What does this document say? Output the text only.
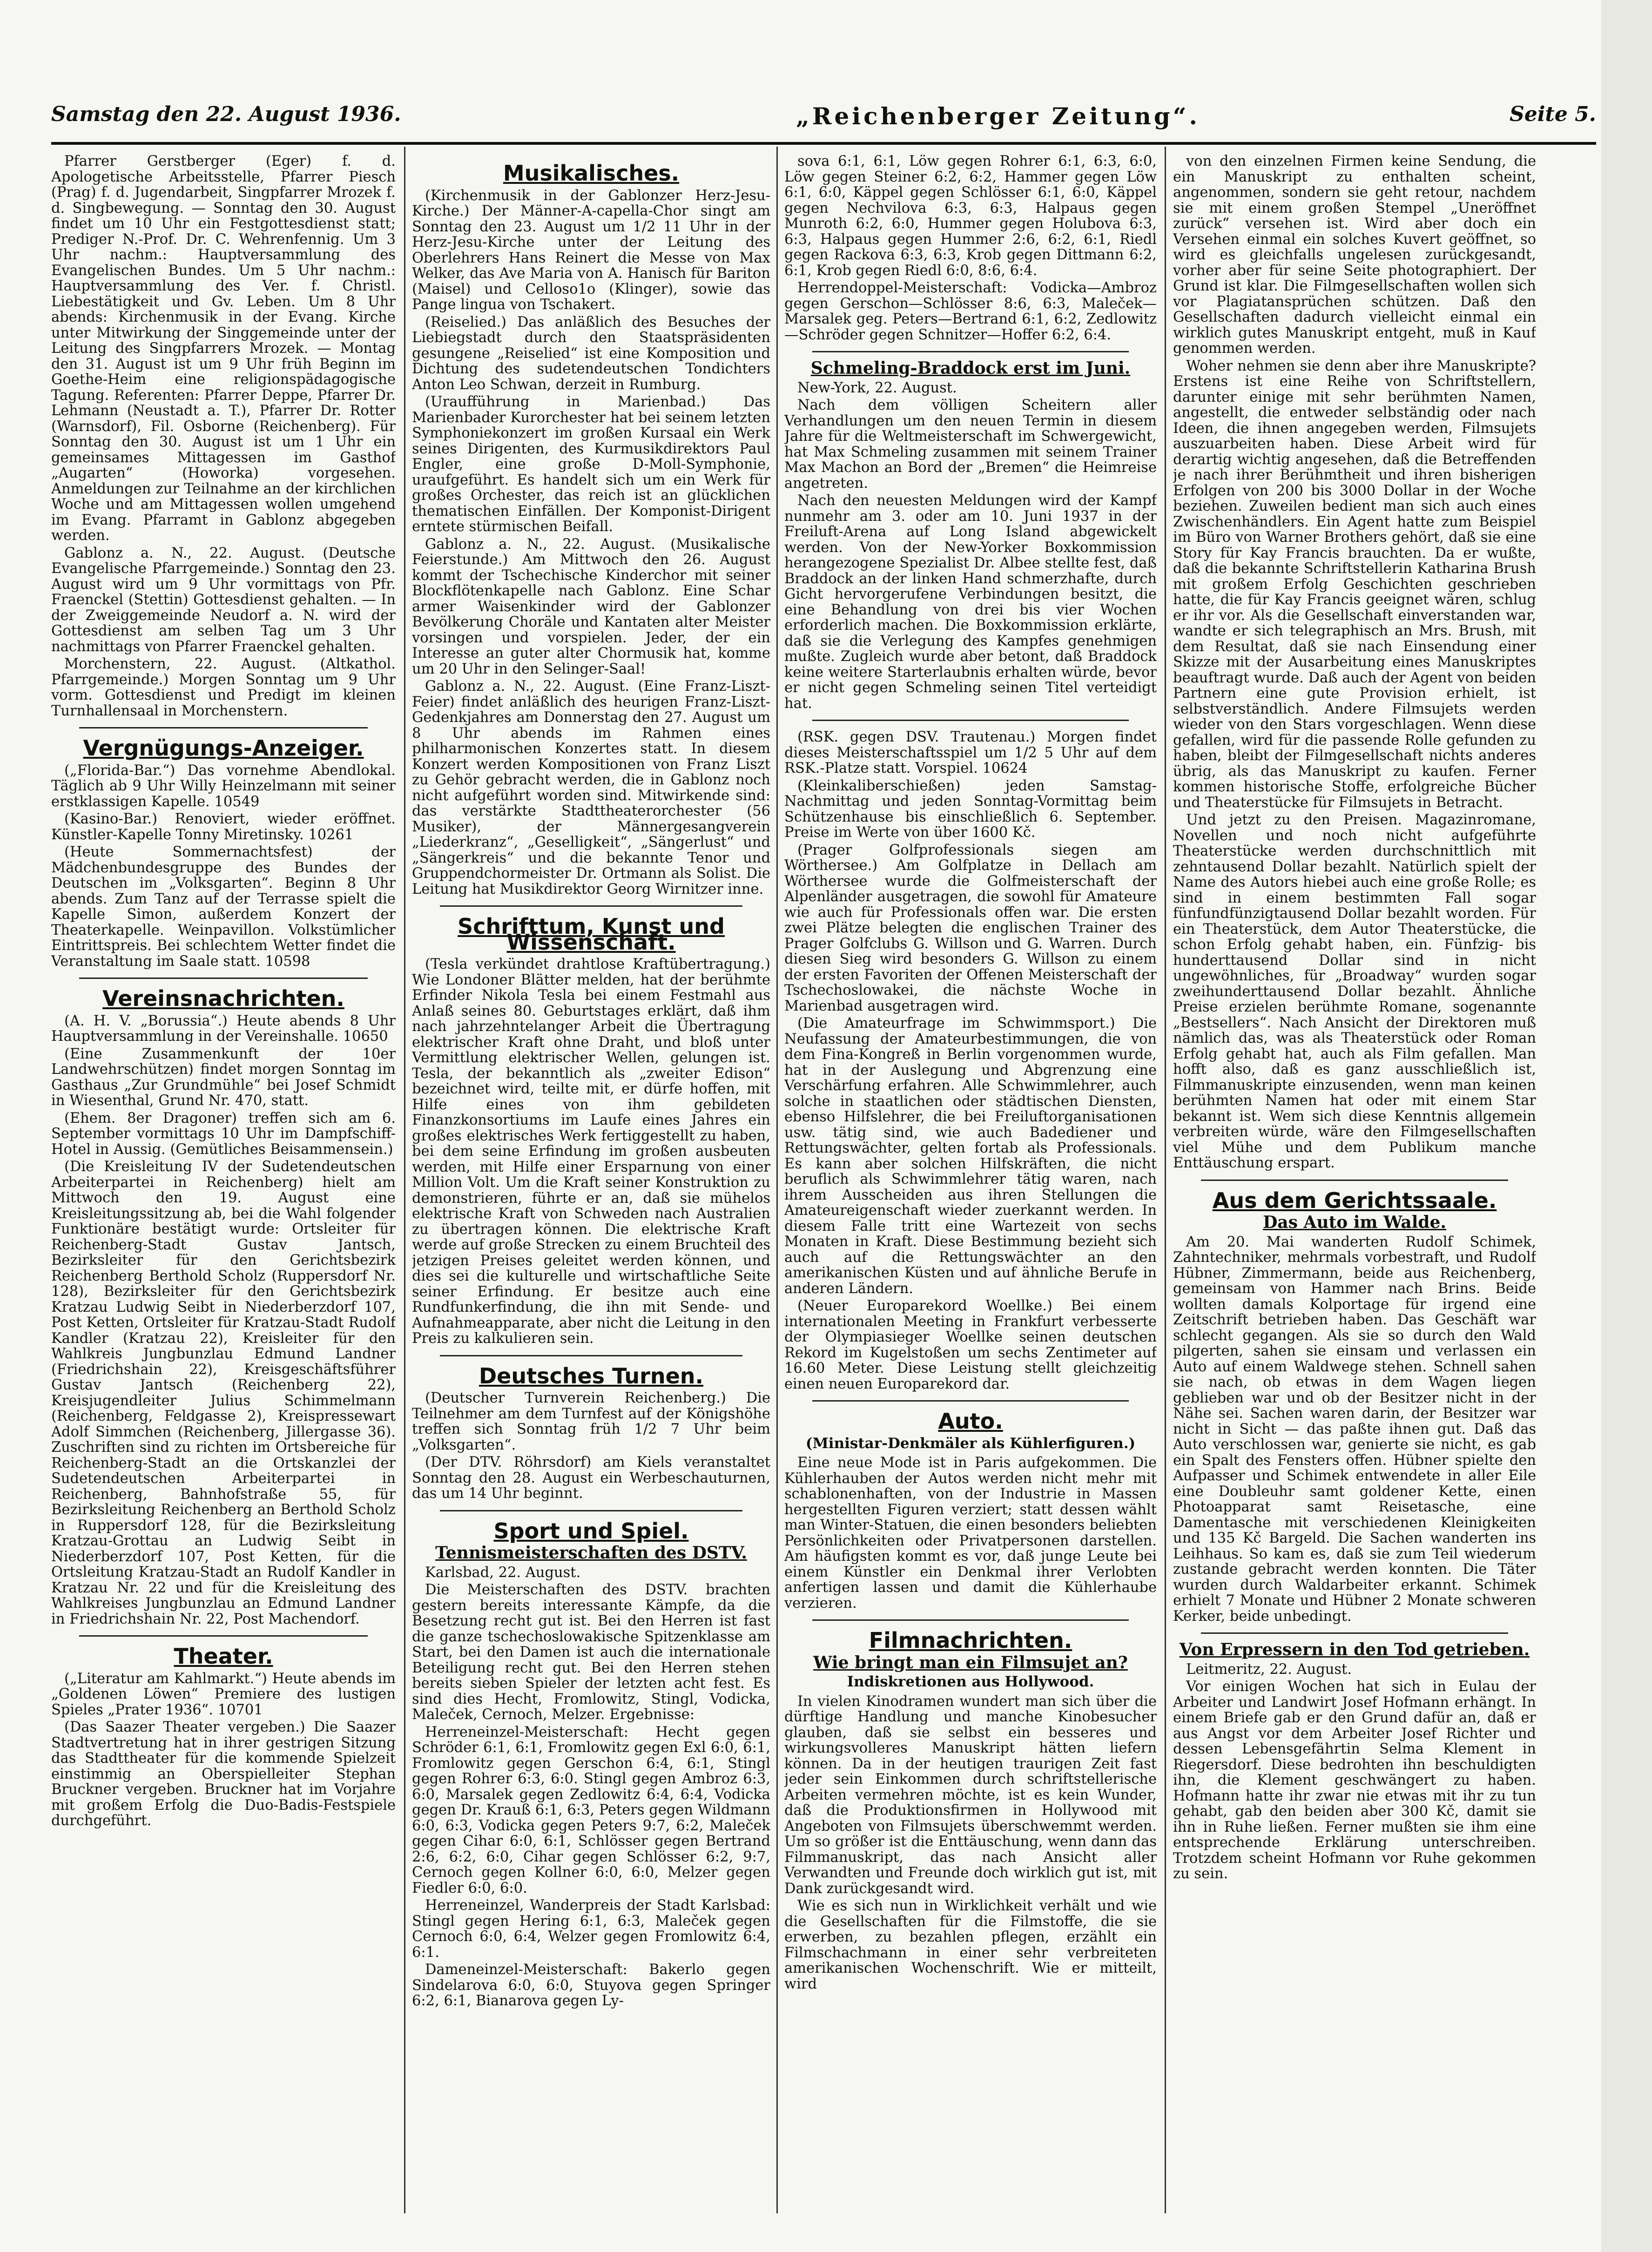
Samstag den 22. August 1936.	„Reichenberger Zeitung“.	Seite 5.

Pfarrer Gerstberger (Eger) f. d. Apologetische Arbeitsstelle, Pfarrer Piesch (Prag) f. d. Jugendarbeit, Singpfarrer Mrozek f. d. Singbewegung. — Sonntag den 30. August findet um 10 Uhr ein Festgottesdienst statt; Prediger N.-Prof. Dr. C. Wehrenfennig. Um 3 Uhr nachm.: Hauptversammlung des Evangelischen Bundes. Um 5 Uhr nachm.: Hauptversammlung des Ver. f. Christl. Liebestätigkeit und Gv. Leben. Um 8 Uhr abends: Kirchenmusik in der Evang. Kirche unter Mitwirkung der Singgemeinde unter der Leitung des Singpfarrers Mrozek. — Montag den 31. August ist um 9 Uhr früh Beginn im Goethe-Heim eine religionspädagogische Tagung. Referenten: Pfarrer Deppe, Pfarrer Dr. Lehmann (Neustadt a. T.), Pfarrer Dr. Rotter (Warnsdorf), Fil. Osborne (Reichenberg). Für Sonntag den 30. August ist um 1 Uhr ein gemeinsames Mittagessen im Gasthof „Augarten“ (Howorka) vorgesehen. Anmeldungen zur Teilnahme an der kirchlichen Woche und am Mittagessen wollen umgehend im Evang. Pfarramt in Gablonz abgegeben werden.

Gablonz a. N., 22. August. (Deutsche Evangelische Pfarrgemeinde.) Sonntag den 23. August wird um 9 Uhr vormittags von Pfr. Fraenckel (Stettin) Gottesdienst gehalten. — In der Zweiggemeinde Neudorf a. N. wird der Gottesdienst am selben Tag um 3 Uhr nachmittags von Pfarrer Fraenckel gehalten.

Morchenstern, 22. August. (Altkathol. Pfarrgemeinde.) Morgen Sonntag um 9 Uhr vorm. Gottesdienst und Predigt im kleinen Turnhallensaal in Morchenstern.

Vergnügungs-Anzeiger.

(„Florida-Bar.“) Das vornehme Abendlokal. Täglich ab 9 Uhr Willy Heinzelmann mit seiner erstklassigen Kapelle. 10549

(Kasino-Bar.) Renoviert, wieder eröffnet. Künstler-Kapelle Tonny Miretinsky. 10261

(Heute Sommernachtsfest) der Mädchenbundesgruppe des Bundes der Deutschen im „Volksgarten“. Beginn 8 Uhr abends. Zum Tanz auf der Terrasse spielt die Kapelle Simon, außerdem Konzert der Theaterkapelle. Weinpavillon. Volkstümlicher Eintrittspreis. Bei schlechtem Wetter findet die Veranstaltung im Saale statt. 10598

Vereinsnachrichten.

(A. H. V. „Borussia“.) Heute abends 8 Uhr Hauptversammlung in der Vereinshalle. 10650

(Eine Zusammenkunft der 10er Landwehrschützen) findet morgen Sonntag im Gasthaus „Zur Grundmühle“ bei Josef Schmidt in Wiesenthal, Grund Nr. 470, statt.

(Ehem. 8er Dragoner) treffen sich am 6. September vormittags 10 Uhr im Dampfschiff-Hotel in Aussig. (Gemütliches Beisammensein.)

(Die Kreisleitung IV der Sudetendeutschen Arbeiterpartei in Reichenberg) hielt am Mittwoch den 19. August eine Kreisleitungssitzung ab, bei die Wahl folgender Funktionäre bestätigt wurde: Ortsleiter für Reichenberg-Stadt Gustav Jantsch, Bezirksleiter für den Gerichtsbezirk Reichenberg Berthold Scholz (Ruppersdorf Nr. 128), Bezirksleiter für den Gerichtsbezirk Kratzau Ludwig Seibt in Niederberzdorf 107, Post Ketten, Ortsleiter für Kratzau-Stadt Rudolf Kandler (Kratzau 22), Kreisleiter für den Wahlkreis Jungbunzlau Edmund Landner (Friedrichshain 22), Kreisgeschäftsführer Gustav Jantsch (Reichenberg 22), Kreisjugendleiter Julius Schimmelmann (Reichenberg, Feldgasse 2), Kreispressewart Adolf Simmchen (Reichenberg, Jillergasse 36). Zuschriften sind zu richten im Ortsbereiche für Reichenberg-Stadt an die Ortskanzlei der Sudetendeutschen Arbeiterpartei in Reichenberg, Bahnhofstraße 55, für Bezirksleitung Reichenberg an Berthold Scholz in Ruppersdorf 128, für die Bezirksleitung Kratzau-Grottau an Ludwig Seibt in Niederberzdorf 107, Post Ketten, für die Ortsleitung Kratzau-Stadt an Rudolf Kandler in Kratzau Nr. 22 und für die Kreisleitung des Wahlkreises Jungbunzlau an Edmund Landner in Friedrichshain Nr. 22, Post Machendorf.

Theater.

(„Literatur am Kahlmarkt.“) Heute abends im „Goldenen Löwen“ Premiere des lustigen Spieles „Prater 1936“. 10701

(Das Saazer Theater vergeben.) Die Saazer Stadtvertretung hat in ihrer gestrigen Sitzung das Stadttheater für die kommende Spielzeit einstimmig an Oberspielleiter Stephan Bruckner vergeben. Bruckner hat im Vorjahre mit großem Erfolg die Duo-Badis-Festspiele durchgeführt.

Musikalisches.

(Kirchenmusik in der Gablonzer Herz-Jesu-Kirche.) Der Männer-A-capella-Chor singt am Sonntag den 23. August um 1/2 11 Uhr in der Herz-Jesu-Kirche unter der Leitung des Oberlehrers Hans Reinert die Messe von Max Welker, das Ave Maria von A. Hanisch für Bariton (Maisel) und Celloso1o (Klinger), sowie das Pange lingua von Tschakert.

(Reiselied.) Das anläßlich des Besuches der Liebiegstadt durch den Staatspräsidenten gesungene „Reiselied“ ist eine Komposition und Dichtung des sudetendeutschen Tondichters Anton Leo Schwan, derzeit in Rumburg.

(Uraufführung in Marienbad.) Das Marienbader Kurorchester hat bei seinem letzten Symphoniekonzert im großen Kursaal ein Werk seines Dirigenten, des Kurmusikdirektors Paul Engler, eine große D-Moll-Symphonie, uraufgeführt. Es handelt sich um ein Werk für großes Orchester, das reich ist an glücklichen thematischen Einfällen. Der Komponist-Dirigent erntete stürmischen Beifall.

Gablonz a. N., 22. August. (Musikalische Feierstunde.) Am Mittwoch den 26. August kommt der Tschechische Kinderchor mit seiner Blockflötenkapelle nach Gablonz. Eine Schar armer Waisenkinder wird der Gablonzer Bevölkerung Choräle und Kantaten alter Meister vorsingen und vorspielen. Jeder, der ein Interesse an guter alter Chormusik hat, komme um 20 Uhr in den Selinger-Saal!

Gablonz a. N., 22. August. (Eine Franz-Liszt-Feier) findet anläßlich des heurigen Franz-Liszt-Gedenkjahres am Donnerstag den 27. August um 8 Uhr abends im Rahmen eines philharmonischen Konzertes statt. In diesem Konzert werden Kompositionen von Franz Liszt zu Gehör gebracht werden, die in Gablonz noch nicht aufgeführt worden sind. Mitwirkende sind: das verstärkte Stadttheaterorchester (56 Musiker), der Männergesangverein „Liederkranz“, „Geselligkeit“, „Sängerlust“ und „Sängerkreis“ und die bekannte Tenor und Gruppendchormeister Dr. Ortmann als Solist. Die Leitung hat Musikdirektor Georg Wirnitzer inne.

Schrifttum, Kunst und Wissenschaft.

(Tesla verkündet drahtlose Kraftübertragung.) Wie Londoner Blätter melden, hat der berühmte Erfinder Nikola Tesla bei einem Festmahl aus Anlaß seines 80. Geburtstages erklärt, daß ihm nach jahrzehntelanger Arbeit die Übertragung elektrischer Kraft ohne Draht, und bloß unter Vermittlung elektrischer Wellen, gelungen ist. Tesla, der bekanntlich als „zweiter Edison“ bezeichnet wird, teilte mit, er dürfe hoffen, mit Hilfe eines von ihm gebildeten Finanzkonsortiums im Laufe eines Jahres ein großes elektrisches Werk fertiggestellt zu haben, bei dem seine Erfindung im großen ausbeuten werden, mit Hilfe einer Ersparnung von einer Million Volt. Um die Kraft seiner Konstruktion zu demonstrieren, führte er an, daß sie mühelos elektrische Kraft von Schweden nach Australien zu übertragen können. Die elektrische Kraft werde auf große Strecken zu einem Bruchteil des jetzigen Preises geleitet werden können, und dies sei die kulturelle und wirtschaftliche Seite seiner Erfindung. Er besitze auch eine Rundfunkerfindung, die ihn mit Sende- und Aufnahmeapparate, aber nicht die Leitung in den Preis zu kalkulieren sein.

Deutsches Turnen.

(Deutscher Turnverein Reichenberg.) Die Teilnehmer am dem Turnfest auf der Königshöhe treffen sich Sonntag früh 1/2 7 Uhr beim „Volksgarten“.

(Der DTV. Röhrsdorf) am Kiels veranstaltet Sonntag den 28. August ein Werbeschauturnen, das um 14 Uhr beginnt.

Sport und Spiel.
Tennismeisterschaften des DSTV.

Karlsbad, 22. August.

Die Meisterschaften des DSTV. brachten gestern bereits interessante Kämpfe, da die Besetzung recht gut ist. Bei den Herren ist fast die ganze tschechoslowakische Spitzenklasse am Start, bei den Damen ist auch die internationale Beteiligung recht gut. Bei den Herren stehen bereits sieben Spieler der letzten acht fest. Es sind dies Hecht, Fromlowitz, Stingl, Vodicka, Maleček, Cernoch, Melzer. Ergebnisse:

Herreneinzel-Meisterschaft: Hecht gegen Schröder 6:1, 6:1, Fromlowitz gegen Exl 6:0, 6:1, Fromlowitz gegen Gerschon 6:4, 6:1, Stingl gegen Rohrer 6:3, 6:0. Stingl gegen Ambroz 6:3, 6:0, Marsalek gegen Zedlowitz 6:4, 6:4, Vodicka gegen Dr. Krauß 6:1, 6:3, Peters gegen Wildmann 6:0, 6:3, Vodicka gegen Peters 9:7, 6:2, Maleček gegen Cihar 6:0, 6:1, Schlösser gegen Bertrand 2:6, 6:2, 6:0, Cihar gegen Schlösser 6:2, 9:7, Cernoch gegen Kollner 6:0, 6:0, Melzer gegen Fiedler 6:0, 6:0.

Herreneinzel, Wanderpreis der Stadt Karlsbad: Stingl gegen Hering 6:1, 6:3, Maleček gegen Cernoch 6:0, 6:4, Welzer gegen Fromlowitz 6:4, 6:1.

Dameneinzel-Meisterschaft: Bakerlo gegen Sindelarova 6:0, 6:0, Stuyova gegen Springer 6:2, 6:1, Bianarova gegen Ly-

sova 6:1, 6:1, Löw gegen Rohrer 6:1, 6:3, 6:0, Löw gegen Steiner 6:2, 6:2, Hammer gegen Löw 6:1, 6:0, Käppel gegen Schlösser 6:1, 6:0, Käppel gegen Nechvilova 6:3, 6:3, Halpaus gegen Munroth 6:2, 6:0, Hummer gegen Holubova 6:3, 6:3, Halpaus gegen Hummer 2:6, 6:2, 6:1, Riedl gegen Rackova 6:3, 6:3, Krob gegen Dittmann 6:2, 6:1, Krob gegen Riedl 6:0, 8:6, 6:4.

Herrendoppel-Meisterschaft: Vodicka—Ambroz gegen Gerschon—Schlösser 8:6, 6:3, Maleček—Marsalek geg. Peters—Bertrand 6:1, 6:2, Zedlowitz—Schröder gegen Schnitzer—Hoffer 6:2, 6:4.

Schmeling-Braddock erst im Juni.

New-York, 22. August.

Nach dem völligen Scheitern aller Verhandlungen um den neuen Termin in diesem Jahre für die Weltmeisterschaft im Schwergewicht, hat Max Schmeling zusammen mit seinem Trainer Max Machon an Bord der „Bremen“ die Heimreise angetreten.

Nach den neuesten Meldungen wird der Kampf nunmehr am 3. oder am 10. Juni 1937 in der Freiluft-Arena auf Long Island abgewickelt werden. Von der New-Yorker Boxkommission herangezogene Spezialist Dr. Albee stellte fest, daß Braddock an der linken Hand schmerzhafte, durch Gicht hervorgerufene Verbindungen besitzt, die eine Behandlung von drei bis vier Wochen erforderlich machen. Die Boxkommission erklärte, daß sie die Verlegung des Kampfes genehmigen mußte. Zugleich wurde aber betont, daß Braddock keine weitere Starterlaubnis erhalten würde, bevor er nicht gegen Schmeling seinen Titel verteidigt hat.

(RSK. gegen DSV. Trautenau.) Morgen findet dieses Meisterschaftsspiel um 1/2 5 Uhr auf dem RSK.-Platze statt. Vorspiel. 10624

(Kleinkaliberschießen) jeden Samstag-Nachmittag und jeden Sonntag-Vormittag beim Schützenhause bis einschließlich 6. September. Preise im Werte von über 1600 Kč.

(Prager Golfprofessionals siegen am Wörthersee.) Am Golfplatze in Dellach am Wörthersee wurde die Golfmeisterschaft der Alpenländer ausgetragen, die sowohl für Amateure wie auch für Professionals offen war. Die ersten zwei Plätze belegten die englischen Trainer des Prager Golfclubs G. Willson und G. Warren. Durch diesen Sieg wird besonders G. Willson zu einem der ersten Favoriten der Offenen Meisterschaft der Tschechoslowakei, die nächste Woche in Marienbad ausgetragen wird.

(Die Amateurfrage im Schwimmsport.) Die Neufassung der Amateurbestimmungen, die von dem Fina-Kongreß in Berlin vorgenommen wurde, hat in der Auslegung und Abgrenzung eine Verschärfung erfahren. Alle Schwimmlehrer, auch solche in staatlichen oder städtischen Diensten, ebenso Hilfslehrer, die bei Freiluftorganisationen usw. tätig sind, wie auch Badediener und Rettungswächter, gelten fortab als Professionals. Es kann aber solchen Hilfskräften, die nicht beruflich als Schwimmlehrer tätig waren, nach ihrem Ausscheiden aus ihren Stellungen die Amateureigenschaft wieder zuerkannt werden. In diesem Falle tritt eine Wartezeit von sechs Monaten in Kraft. Diese Bestimmung bezieht sich auch auf die Rettungswächter an den amerikanischen Küsten und auf ähnliche Berufe in anderen Ländern.

(Neuer Europarekord Woellke.) Bei einem internationalen Meeting in Frankfurt verbesserte der Olympiasieger Woellke seinen deutschen Rekord im Kugelstoßen um sechs Zentimeter auf 16.60 Meter. Diese Leistung stellt gleichzeitig einen neuen Europarekord dar.

Auto.
(Ministar-Denkmäler als Kühlerfiguren.)

Eine neue Mode ist in Paris aufgekommen. Die Kühlerhauben der Autos werden nicht mehr mit schablonenhaften, von der Industrie in Massen hergestellten Figuren verziert; statt dessen wählt man Winter-Statuen, die einen besonders beliebten Persönlichkeiten oder Privatpersonen darstellen. Am häufigsten kommt es vor, daß junge Leute bei einem Künstler ein Denkmal ihrer Verlobten anfertigen lassen und damit die Kühlerhaube verzieren.

Filmnachrichten.
Wie bringt man ein Filmsujet an?
Indiskretionen aus Hollywood.

In vielen Kinodramen wundert man sich über die dürftige Handlung und manche Kinobesucher glauben, daß sie selbst ein besseres und wirkungsvolleres Manuskript hätten liefern können. Da in der heutigen traurigen Zeit fast jeder sein Einkommen durch schriftstellerische Arbeiten vermehren möchte, ist es kein Wunder, daß die Produktionsfirmen in Hollywood mit Angeboten von Filmsujets überschwemmt werden. Um so größer ist die Enttäuschung, wenn dann das Filmmanuskript, das nach Ansicht aller Verwandten und Freunde doch wirklich gut ist, mit Dank zurückgesandt wird.

Wie es sich nun in Wirklichkeit verhält und wie die Gesellschaften für die Filmstoffe, die sie erwerben, zu bezahlen pflegen, erzählt ein Filmschachmann in einer sehr verbreiteten amerikanischen Wochenschrift. Wie er mitteilt, wird

von den einzelnen Firmen keine Sendung, die ein Manuskript zu enthalten scheint, angenommen, sondern sie geht retour, nachdem sie mit einem großen Stempel „Uneröffnet zurück“ versehen ist. Wird aber doch ein Versehen einmal ein solches Kuvert geöffnet, so wird es gleichfalls ungelesen zurückgesandt, vorher aber für seine Seite photographiert. Der Grund ist klar. Die Filmgesellschaften wollen sich vor Plagiatansprüchen schützen. Daß den Gesellschaften dadurch vielleicht einmal ein wirklich gutes Manuskript entgeht, muß in Kauf genommen werden.

Woher nehmen sie denn aber ihre Manuskripte? Erstens ist eine Reihe von Schriftstellern, darunter einige mit sehr berühmten Namen, angestellt, die entweder selbständig oder nach Ideen, die ihnen angegeben werden, Filmsujets auszuarbeiten haben. Diese Arbeit wird für derartig wichtig angesehen, daß die Betreffenden je nach ihrer Berühmtheit und ihren bisherigen Erfolgen von 200 bis 3000 Dollar in der Woche beziehen. Zuweilen bedient man sich auch eines Zwischenhändlers. Ein Agent hatte zum Beispiel im Büro von Warner Brothers gehört, daß sie eine Story für Kay Francis brauchten. Da er wußte, daß die bekannte Schriftstellerin Katharina Brush mit großem Erfolg Geschichten geschrieben hatte, die für Kay Francis geeignet wären, schlug er ihr vor. Als die Gesellschaft einverstanden war, wandte er sich telegraphisch an Mrs. Brush, mit dem Resultat, daß sie nach Einsendung einer Skizze mit der Ausarbeitung eines Manuskriptes beauftragt wurde. Daß auch der Agent von beiden Partnern eine gute Provision erhielt, ist selbstverständlich. Andere Filmsujets werden wieder von den Stars vorgeschlagen. Wenn diese gefallen, wird für die passende Rolle gefunden zu haben, bleibt der Filmgesellschaft nichts anderes übrig, als das Manuskript zu kaufen. Ferner kommen historische Stoffe, erfolgreiche Bücher und Theaterstücke für Filmsujets in Betracht.

Und jetzt zu den Preisen. Magazinromane, Novellen und noch nicht aufgeführte Theaterstücke werden durchschnittlich mit zehntausend Dollar bezahlt. Natürlich spielt der Name des Autors hiebei auch eine große Rolle; es sind in einem bestimmten Fall sogar fünfundfünzigtausend Dollar bezahlt worden. Für ein Theaterstück, dem Autor Theaterstücke, die schon Erfolg gehabt haben, ein. Fünfzig- bis hunderttausend Dollar sind in nicht ungewöhnliches, für „Broadway“ wurden sogar zweihunderttausend Dollar bezahlt. Ähnliche Preise erzielen berühmte Romane, sogenannte „Bestsellers“. Nach Ansicht der Direktoren muß nämlich das, was als Theaterstück oder Roman Erfolg gehabt hat, auch als Film gefallen. Man hofft also, daß es ganz ausschließlich ist, Filmmanuskripte einzusenden, wenn man keinen berühmten Namen hat oder mit einem Star bekannt ist. Wem sich diese Kenntnis allgemein verbreiten würde, wäre den Filmgesellschaften viel Mühe und dem Publikum manche Enttäuschung erspart.

Aus dem Gerichtssaale.
Das Auto im Walde.

Am 20. Mai wanderten Rudolf Schimek, Zahntechniker, mehrmals vorbestraft, und Rudolf Hübner, Zimmermann, beide aus Reichenberg, gemeinsam von Hammer nach Brins. Beide wollten damals Kolportage für irgend eine Zeitschrift betrieben haben. Das Geschäft war schlecht gegangen. Als sie so durch den Wald pilgerten, sahen sie einsam und verlassen ein Auto auf einem Waldwege stehen. Schnell sahen sie nach, ob etwas in dem Wagen liegen geblieben war und ob der Besitzer nicht in der Nähe sei. Sachen waren darin, der Besitzer war nicht in Sicht — das paßte ihnen gut. Daß das Auto verschlossen war, genierte sie nicht, es gab ein Spalt des Fensters offen. Hübner spielte den Aufpasser und Schimek entwendete in aller Eile eine Doubleuhr samt goldener Kette, einen Photoapparat samt Reisetasche, eine Damentasche mit verschiedenen Kleinigkeiten und 135 Kč Bargeld. Die Sachen wanderten ins Leihhaus. So kam es, daß sie zum Teil wiederum zustande gebracht werden konnten. Die Täter wurden durch Waldarbeiter erkannt. Schimek erhielt 7 Monate und Hübner 2 Monate schweren Kerker, beide unbedingt.

Von Erpressern in den Tod getrieben.

Leitmeritz, 22. August.

Vor einigen Wochen hat sich in Eulau der Arbeiter und Landwirt Josef Hofmann erhängt. In einem Briefe gab er den Grund dafür an, daß er aus Angst vor dem Arbeiter Josef Richter und dessen Lebensgefährtin Selma Klement in Riegersdorf. Diese bedrohten ihn beschuldigten ihn, die Klement geschwängert zu haben. Hofmann hatte ihr zwar nie etwas mit ihr zu tun gehabt, gab den beiden aber 300 Kč, damit sie ihn in Ruhe ließen. Ferner mußten sie ihm eine entsprechende Erklärung unterschreiben. Trotzdem scheint Hofmann vor Ruhe gekommen zu sein.
